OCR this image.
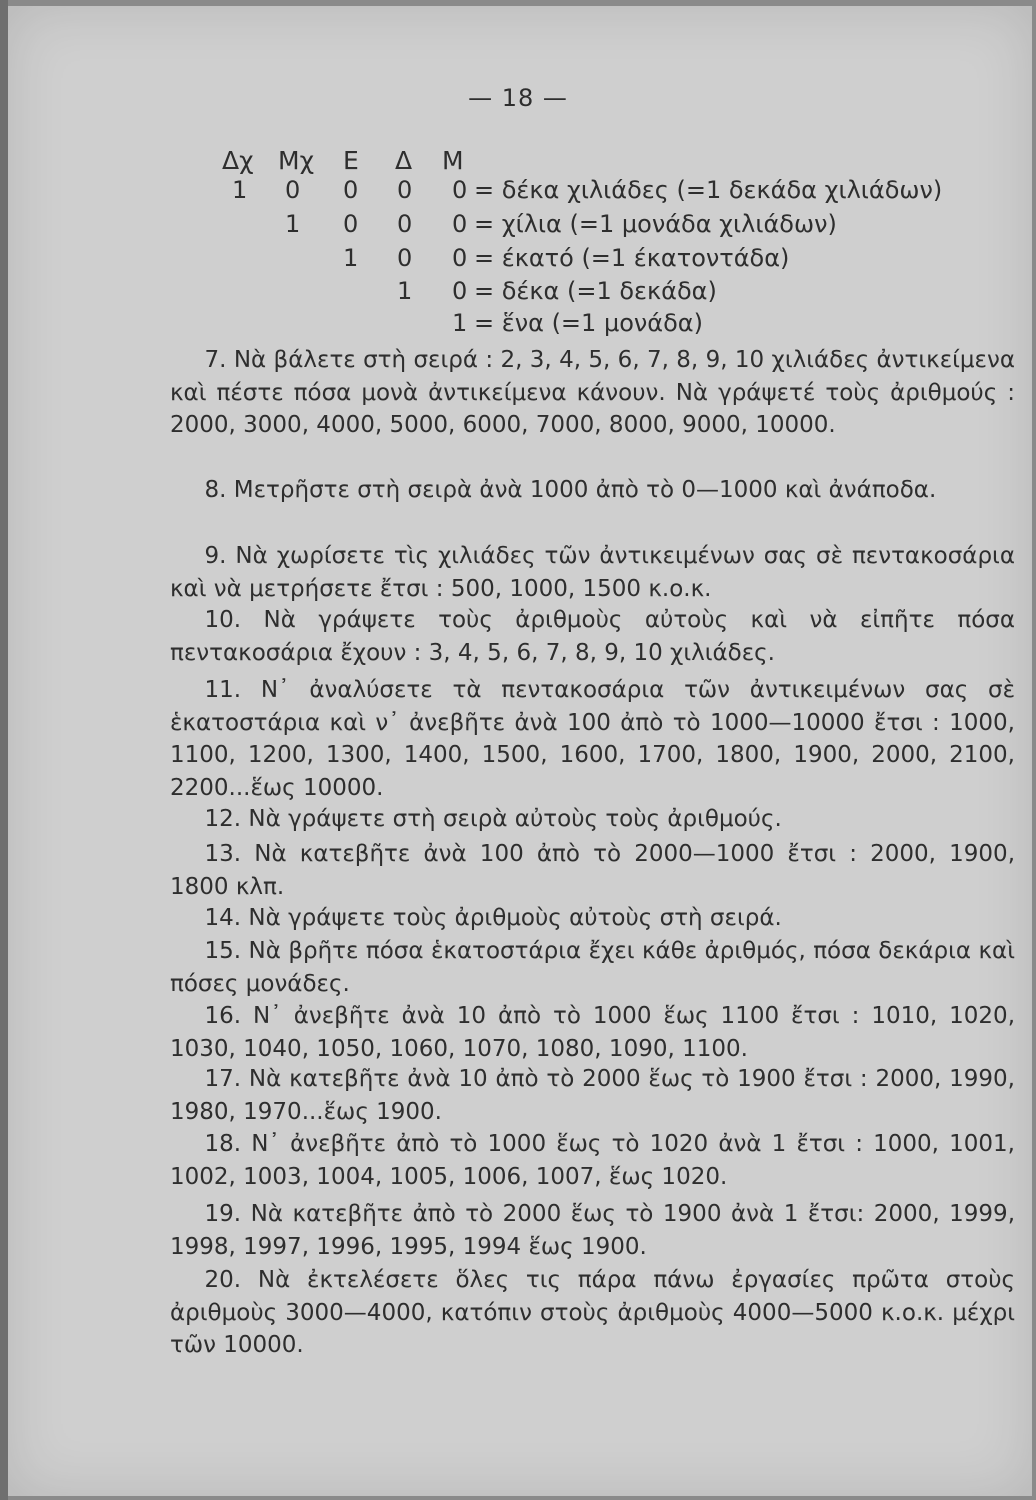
— 18 —
Δχ Μχ Ε Δ Μ
1 0 0 0 0 = δέκα χιλιάδες (=1 δεκάδα χιλιάδων)
1 0 0 0 = χίλια (=1 μονάδα χιλιάδων)
1 0 0 = έκατό (=1 έκατοντάδα)
1 0 = δέκα (=1 δεκάδα)
1 = ἕνα (=1 μονάδα)
  7. Νὰ βάλετε στὴ σειρά : 2, 3, 4, 5, 6, 7, 8, 9, 10 χιλιάδες ἀντικείμενα καὶ πέστε πόσα μονὰ ἀντικείμενα κάνουν. Νὰ γράψετέ τοὺς ἀριθμούς : 2000, 3000, 4000, 5000, 6000, 7000, 8000, 9000, 10000.
  8. Μετρῆστε στὴ σειρὰ ἀνὰ 1000 ἀπὸ τὸ 0—1000 καὶ ἀνάποδα.
  9. Νὰ χωρίσετε τὶς χιλιάδες τῶν ἀντικειμένων σας σὲ πεντακοσάρια καὶ νὰ μετρήσετε ἔτσι : 500, 1000, 1500 κ.ο.κ.
  10. Νὰ γράψετε τοὺς ἀριθμοὺς αὐτοὺς καὶ νὰ εἰπῆτε πόσα πεντακοσάρια ἔχουν : 3, 4, 5, 6, 7, 8, 9, 10 χιλιάδες.
  11. Ν᾽ ἀναλύσετε τὰ πεντακοσάρια τῶν ἀντικειμένων σας σὲ ἑκατοστάρια καὶ ν᾽ ἀνεβῆτε ἀνὰ 100 ἀπὸ τὸ 1000—10000 ἔτσι : 1000, 1100, 1200, 1300, 1400, 1500, 1600, 1700, 1800, 1900, 2000, 2100, 2200...ἕως 10000.
  12. Νὰ γράψετε στὴ σειρὰ αὐτοὺς τοὺς ἀριθμούς.
  13. Νὰ κατεβῆτε ἀνὰ 100 ἀπὸ τὸ 2000—1000 ἔτσι : 2000, 1900, 1800 κλπ.
  14. Νὰ γράψετε τοὺς ἀριθμοὺς αὐτοὺς στὴ σειρά.
  15. Νὰ βρῆτε πόσα ἑκατοστάρια ἔχει κάθε ἀριθμός, πόσα δεκάρια καὶ πόσες μονάδες.
  16. Ν᾽ ἀνεβῆτε ἀνὰ 10 ἀπὸ τὸ 1000 ἕως 1100 ἔτσι : 1010, 1020, 1030, 1040, 1050, 1060, 1070, 1080, 1090, 1100.
  17. Νὰ κατεβῆτε ἀνὰ 10 ἀπὸ τὸ 2000 ἕως τὸ 1900 ἔτσι : 2000, 1990, 1980, 1970...ἕως 1900.
  18. Ν᾽ ἀνεβῆτε ἀπὸ τὸ 1000 ἕως τὸ 1020 ἀνὰ 1 ἔτσι : 1000, 1001, 1002, 1003, 1004, 1005, 1006, 1007, ἕως 1020.
  19. Νὰ κατεβῆτε ἀπὸ τὸ 2000 ἕως τὸ 1900 ἀνὰ 1 ἔτσι: 2000, 1999, 1998, 1997, 1996, 1995, 1994 ἕως 1900.
  20. Νὰ ἐκτελέσετε ὅλες τις πάρα πάνω ἐργασίες πρῶτα στοὺς ἀριθμοὺς 3000—4000, κατόπιν στοὺς ἀριθμοὺς 4000—5000 κ.ο.κ. μέχρι τῶν 10000.
